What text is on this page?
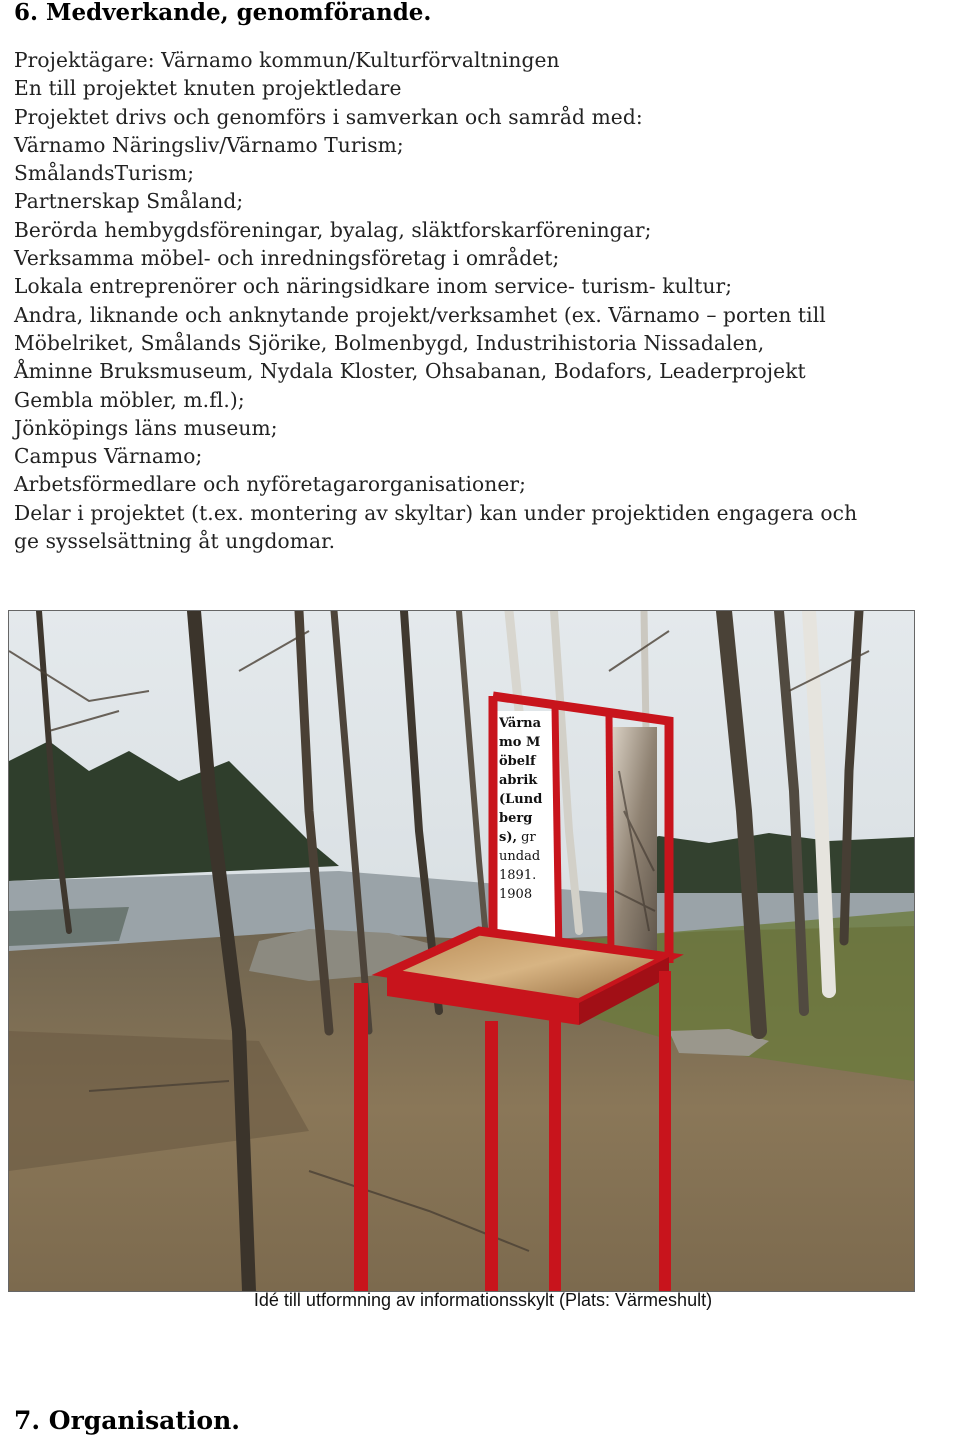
6. Medverkande, genomförande.
Projektägare: Värnamo kommun/Kulturförvaltningen
En till projektet knuten projektledare
Projektet drivs och genomförs i samverkan och samråd med:
Värnamo Näringsliv/Värnamo Turism;
SmålandsTurism;
Partnerskap Småland;
Berörda hembygdsföreningar, byalag, släktforskarföreningar;
Verksamma möbel- och inredningsföretag i området;
Lokala entreprenörer och näringsidkare inom service- turism- kultur;
Andra, liknande och anknytande projekt/verksamhet (ex. Värnamo – porten till
Möbelriket, Smålands Sjörike, Bolmenbygd, Industrihistoria Nissadalen,
Åminne Bruksmuseum, Nydala Kloster, Ohsabanan, Bodafors, Leaderprojekt
Gembla möbler, m.fl.);
Jönköpings läns museum;
Campus Värnamo;
Arbetsförmedlare och nyföretagarorganisationer;
Delar i projektet (t.ex. montering av skyltar) kan under projektiden engagera och
ge sysselsättning åt ungdomar.
Värnamo Möbelfabrik (Lundbergs), grundad 1891. 1908
Idé till utformning av informationsskylt (Plats: Värmeshult)
7. Organisation.
